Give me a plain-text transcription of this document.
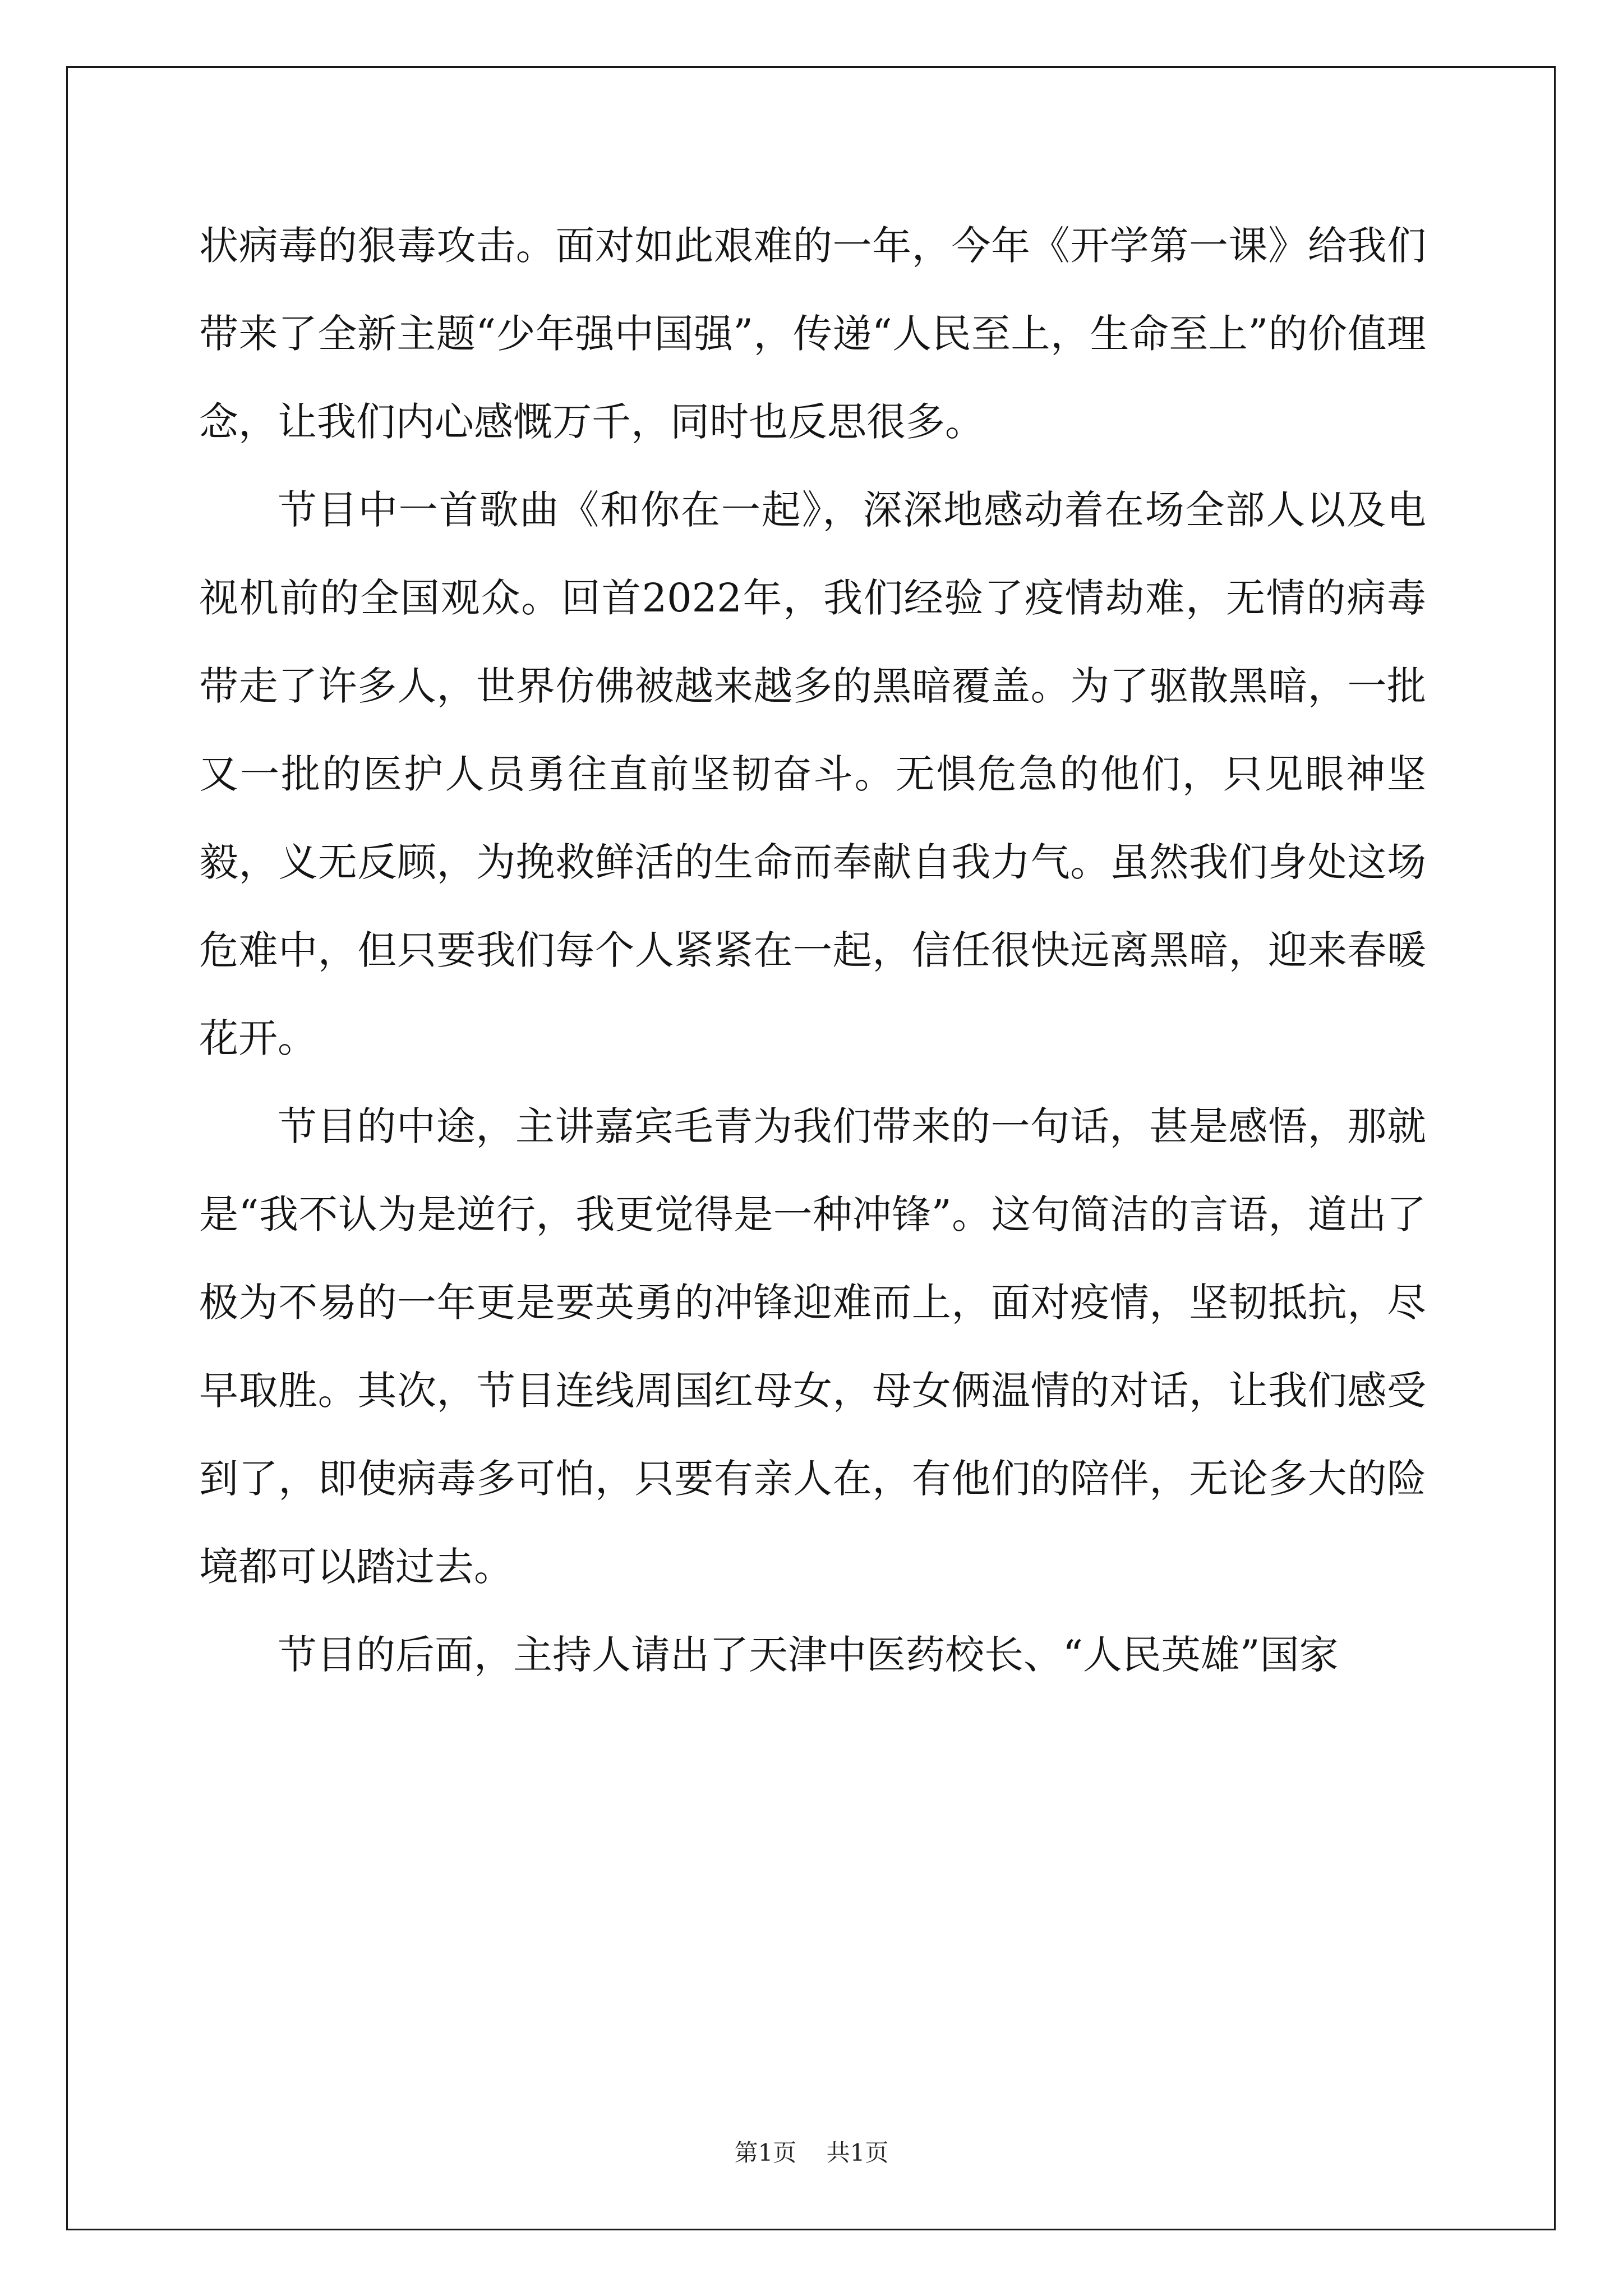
状病毒的狠毒攻击。面对如此艰难的一年，今年《开学第一课》给我们带来了全新主题“少年强中国强”，传递“人民至上，生命至上”的价值理念，让我们内心感慨万千，同时也反思很多。

节目中一首歌曲《和你在一起》，深深地感动着在场全部人以及电视机前的全国观众。回首2022年，我们经验了疫情劫难，无情的病毒带走了许多人，世界仿佛被越来越多的黑暗覆盖。为了驱散黑暗，一批又一批的医护人员勇往直前坚韧奋斗。无惧危急的他们，只见眼神坚毅，义无反顾，为挽救鲜活的生命而奉献自我力气。虽然我们身处这场危难中，但只要我们每个人紧紧在一起，信任很快远离黑暗，迎来春暖花开。

节目的中途，主讲嘉宾毛青为我们带来的一句话，甚是感悟，那就是“我不认为是逆行，我更觉得是一种冲锋”。这句简洁的言语，道出了极为不易的一年更是要英勇的冲锋迎难而上，面对疫情，坚韧抵抗，尽早取胜。其次，节目连线周国红母女，母女俩温情的对话，让我们感受到了，即使病毒多可怕，只要有亲人在，有他们的陪伴，无论多大的险境都可以踏过去。

节目的后面，主持人请出了天津中医药校长、“人民英雄”国家

第1页    共1页
